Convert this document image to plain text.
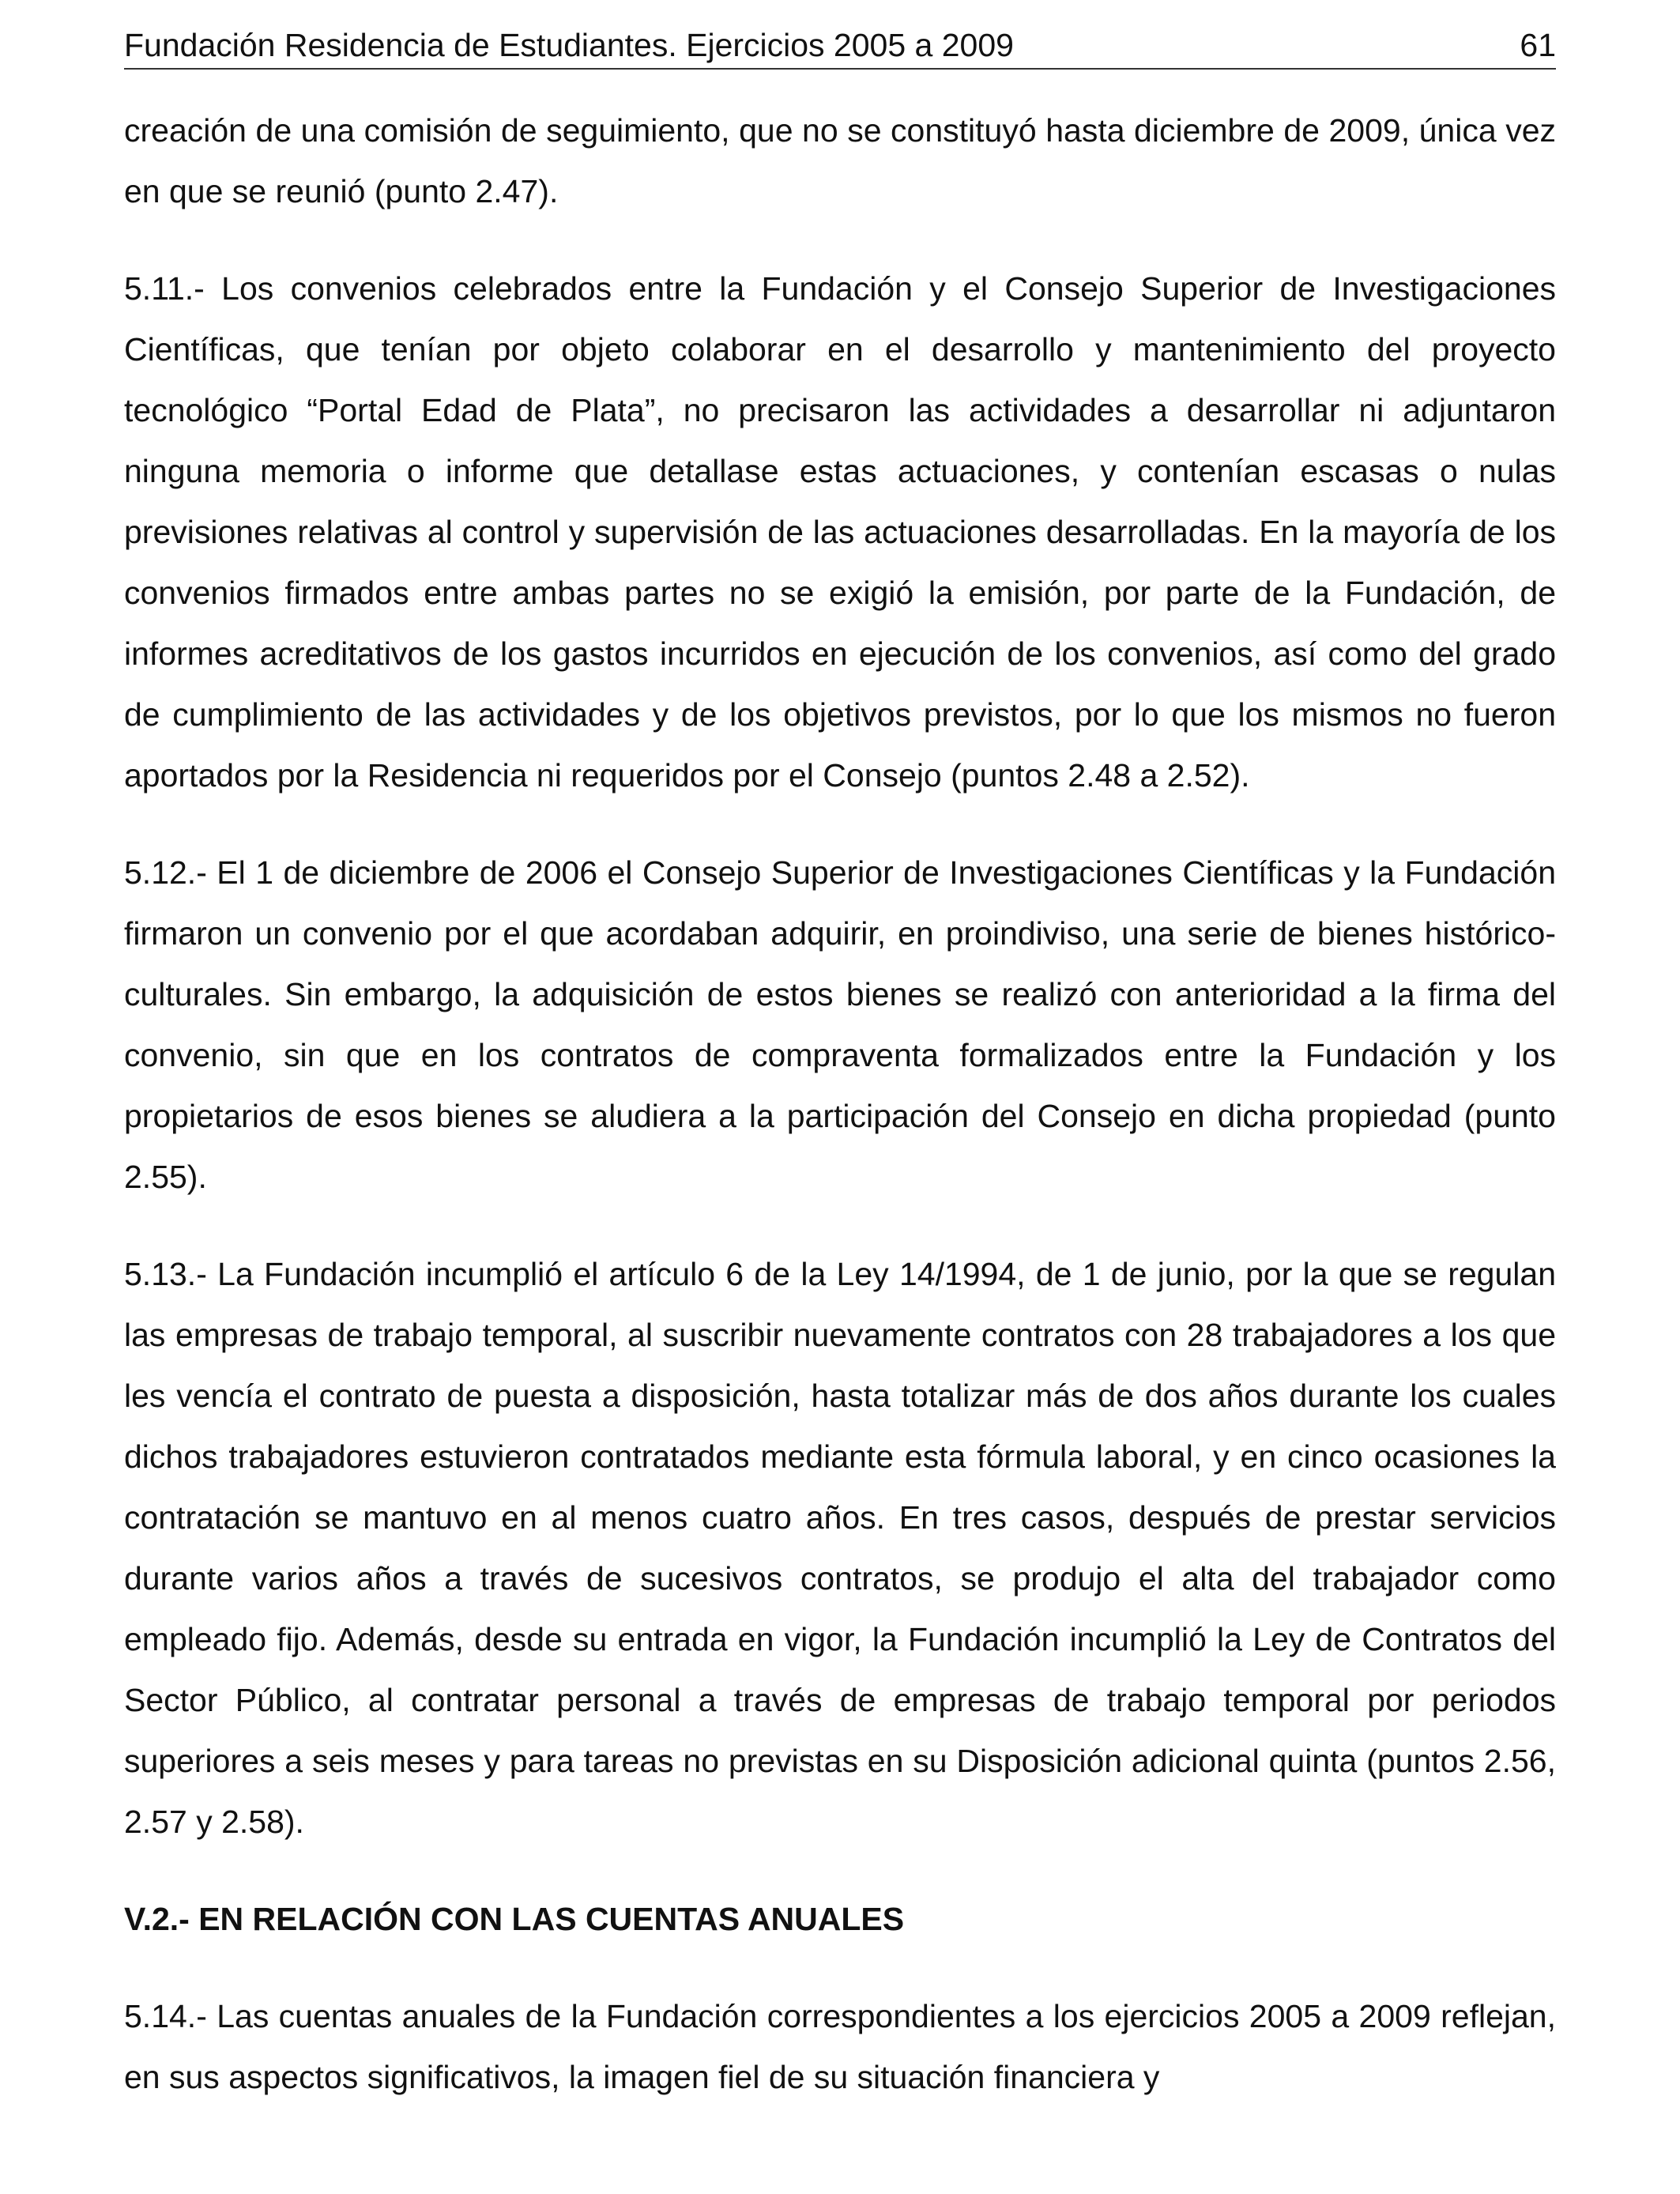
Fundación Residencia de Estudiantes. Ejercicios 2005 a 2009	61

creación de una comisión de seguimiento, que no se constituyó hasta diciembre de 2009, única vez en que se reunió (punto 2.47).

5.11.- Los convenios celebrados entre la Fundación y el Consejo Superior de Investigaciones Científicas, que tenían por objeto colaborar en el desarrollo y mantenimiento del proyecto tecnológico “Portal Edad de Plata”, no precisaron las actividades a desarrollar ni adjuntaron ninguna memoria o informe que detallase estas actuaciones, y contenían escasas o nulas previsiones relativas al control y supervisión de las actuaciones desarrolladas. En la mayoría de los convenios firmados entre ambas partes no se exigió la emisión, por parte de la Fundación, de informes acreditativos de los gastos incurridos en ejecución de los convenios, así como del grado de cumplimiento de las actividades y de los objetivos previstos, por lo que los mismos no fueron aportados por la Residencia ni requeridos por el Consejo (puntos 2.48 a 2.52).

5.12.- El 1 de diciembre de 2006 el Consejo Superior de Investigaciones Científicas y la Fundación firmaron un convenio por el que acordaban adquirir, en proindiviso, una serie de bienes histórico-culturales. Sin embargo, la adquisición de estos bienes se realizó con anterioridad a la firma del convenio, sin que en los contratos de compraventa formalizados entre la Fundación y los propietarios de esos bienes se aludiera a la participación del Consejo en dicha propiedad (punto 2.55).

5.13.- La Fundación incumplió el artículo 6 de la Ley 14/1994, de 1 de junio, por la que se regulan las empresas de trabajo temporal, al suscribir nuevamente contratos con 28 trabajadores a los que les vencía el contrato de puesta a disposición, hasta totalizar más de dos años durante los cuales dichos trabajadores estuvieron contratados mediante esta fórmula laboral, y en cinco ocasiones la contratación se mantuvo en al menos cuatro años. En tres casos, después de prestar servicios durante varios años a través de sucesivos contratos, se produjo el alta del trabajador como empleado fijo. Además, desde su entrada en vigor, la Fundación incumplió la Ley de Contratos del Sector Público, al contratar personal a través de empresas de trabajo temporal por periodos superiores a seis meses y para tareas no previstas en su Disposición adicional quinta (puntos 2.56, 2.57 y 2.58).

V.2.- EN RELACIÓN CON LAS CUENTAS ANUALES

5.14.- Las cuentas anuales de la Fundación correspondientes a los ejercicios 2005 a 2009 reflejan, en sus aspectos significativos, la imagen fiel de su situación financiera y
